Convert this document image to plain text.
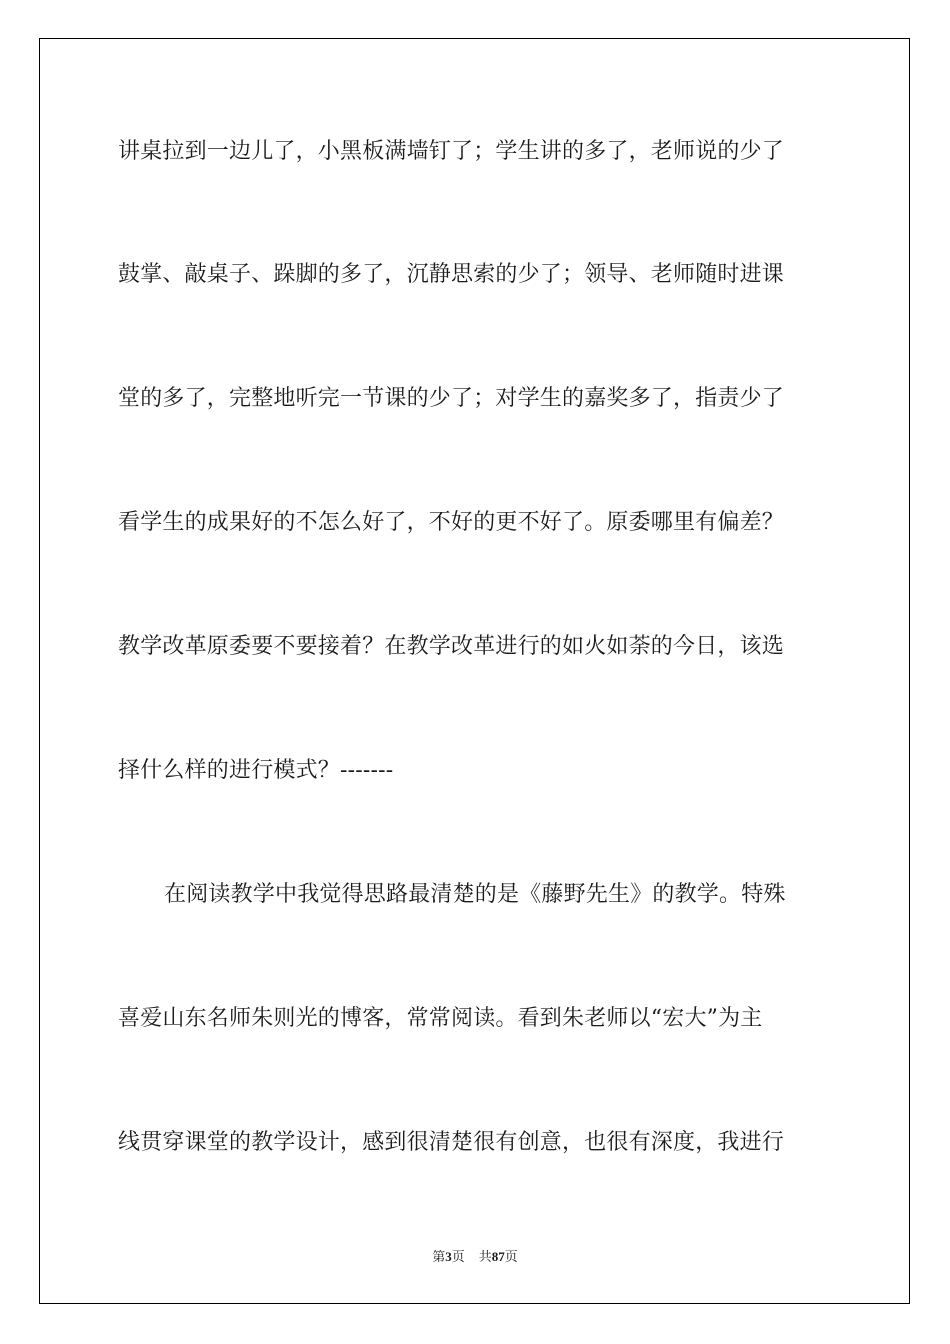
讲桌拉到一边儿了，小黑板满墙钉了；学生讲的多了，老师说的少了
鼓掌、敲桌子、跺脚的多了，沉静思索的少了；领导、老师随时进课
堂的多了，完整地听完一节课的少了；对学生的嘉奖多了，指责少了
看学生的成果好的不怎么好了，不好的更不好了。原委哪里有偏差？
教学改革原委要不要接着？在教学改革进行的如火如荼的今日，该选
择什么样的进行模式？-------
在阅读教学中我觉得思路最清楚的是《藤野先生》的教学。特殊
喜爱山东名师朱则光的博客，常常阅读。看到朱老师以“宏大”为主
线贯穿课堂的教学设计，感到很清楚很有创意，也很有深度，我进行
第3页 共87页
